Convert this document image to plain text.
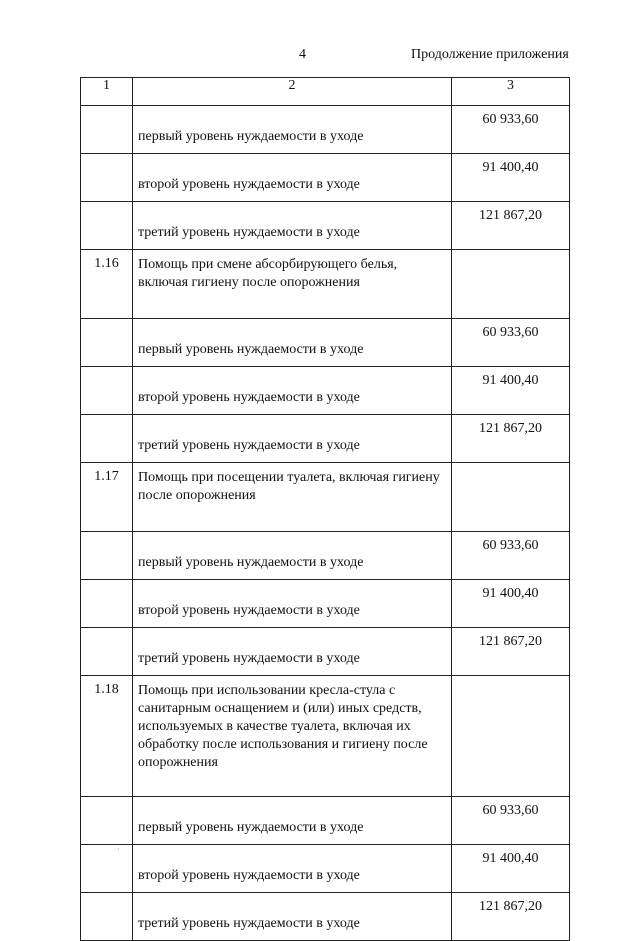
4	Продолжение приложения
1	2	3
	первый уровень нуждаемости в уходе	60 933,60
	второй уровень нуждаемости в уходе	91 400,40
	третий уровень нуждаемости в уходе	121 867,20
1.16	Помощь при смене абсорбирующего белья, включая гигиену после опорожнения	
	первый уровень нуждаемости в уходе	60 933,60
	второй уровень нуждаемости в уходе	91 400,40
	третий уровень нуждаемости в уходе	121 867,20
1.17	Помощь при посещении туалета, включая гигиену после опорожнения	
	первый уровень нуждаемости в уходе	60 933,60
	второй уровень нуждаемости в уходе	91 400,40
	третий уровень нуждаемости в уходе	121 867,20
1.18	Помощь при использовании кресла-стула с санитарным оснащением и (или) иных средств, используемых в качестве туалета, включая их обработку после использования и гигиену после опорожнения	
	первый уровень нуждаемости в уходе	60 933,60
	второй уровень нуждаемости в уходе	91 400,40
	третий уровень нуждаемости в уходе	121 867,20
·
